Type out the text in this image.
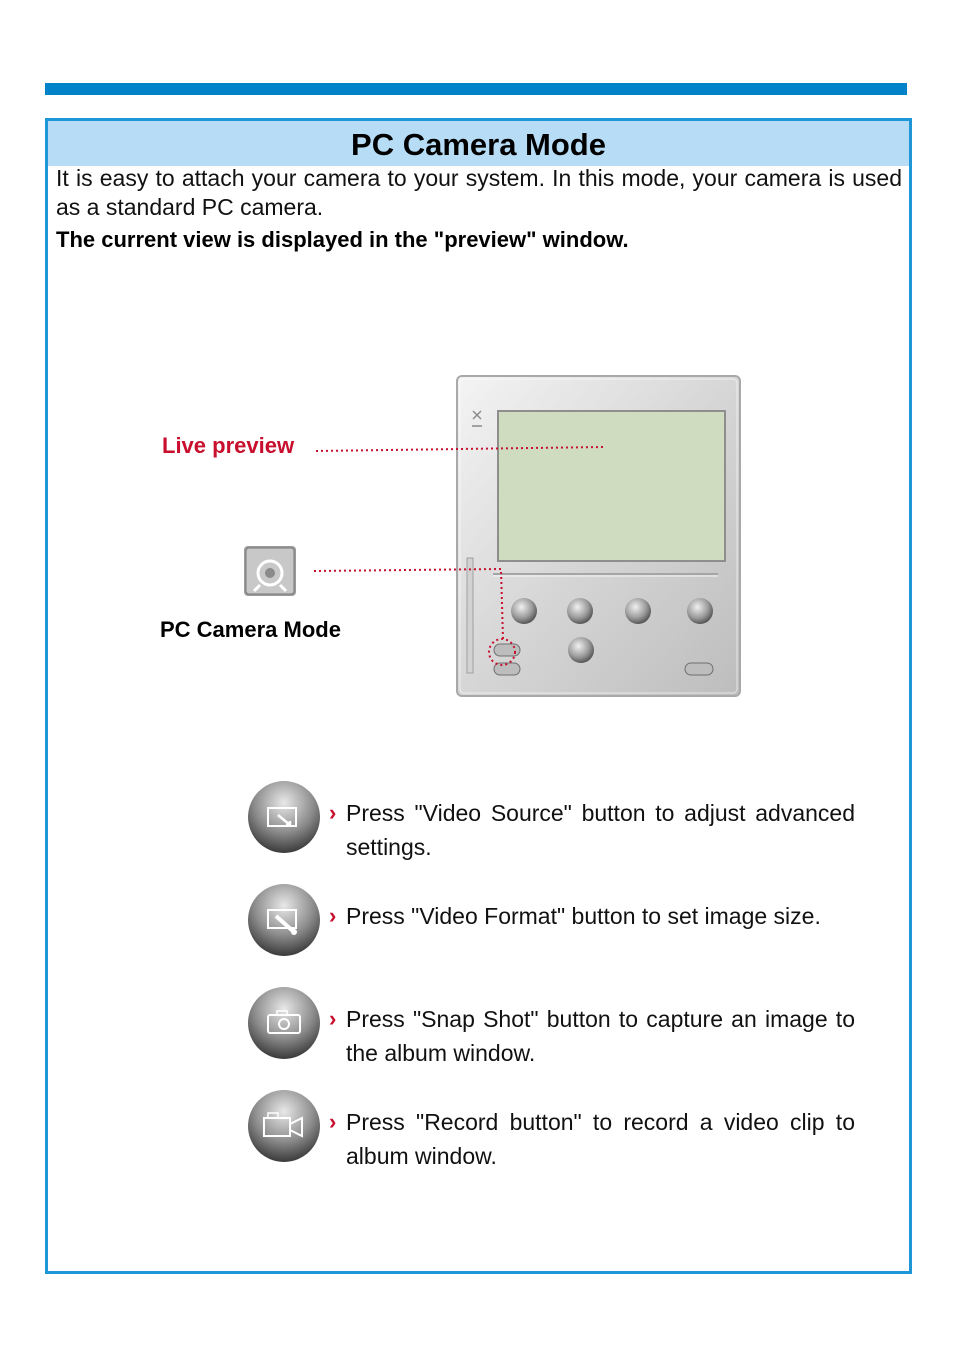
PC Camera Mode
It is easy to attach your camera to your system. In this mode, your camera is used as a standard PC camera.
The current view is displayed in the "preview" window.
Live preview
PC Camera Mode
› Press "Video Source" button to adjust advanced settings.
› Press "Video Format" button to set image size.
› Press "Snap Shot" button to capture an image to the album window.
› Press "Record button" to record a video clip to album window.
